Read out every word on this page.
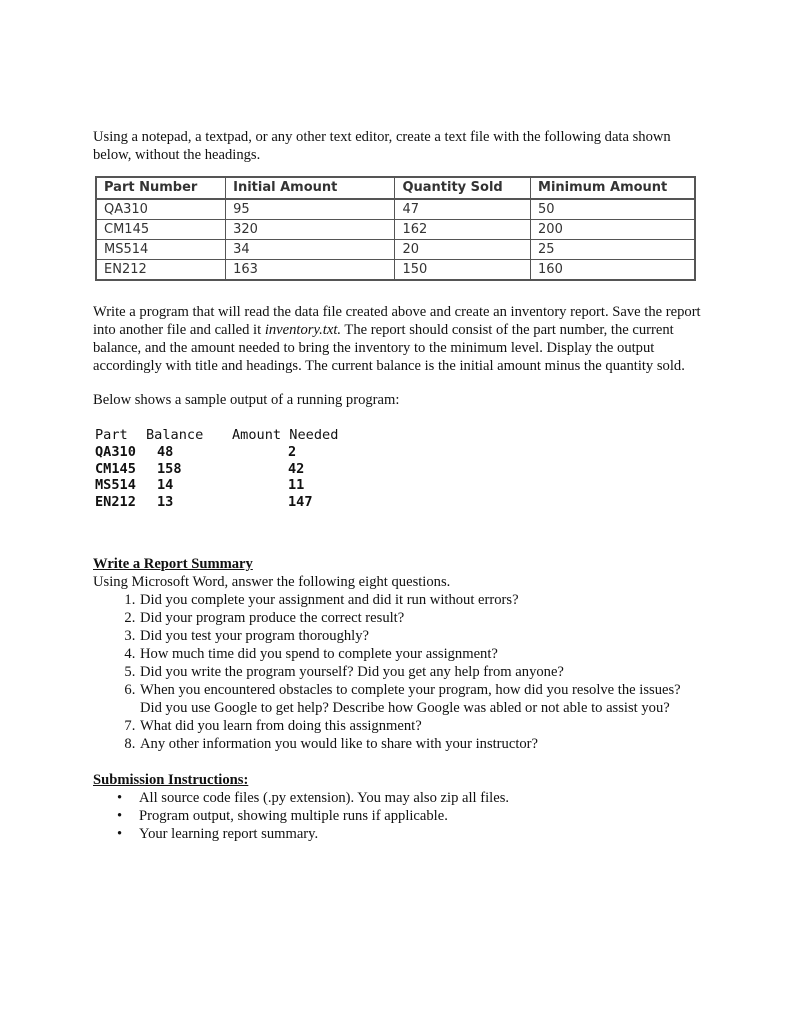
Using a notepad, a textpad, or any other text editor, create a text file with the following data shown below, without the headings.

Part Number	Initial Amount	Quantity Sold	Minimum Amount
QA310	95	47	50
CM145	320	162	200
MS514	34	20	25
EN212	163	150	160

Write a program that will read the data file created above and create an inventory report. Save the report into another file and called it inventory.txt. The report should consist of the part number, the current balance, and the amount needed to bring the inventory to the minimum level. Display the output accordingly with title and headings. The current balance is the initial amount minus the quantity sold.

Below shows a sample output of a running program:

Part	Balance	Amount Needed
QA310	48	2
CM145	158	42
MS514	14	11
EN212	13	147

Write a Report Summary

Using Microsoft Word, answer the following eight questions.

1. Did you complete your assignment and did it run without errors?
2. Did your program produce the correct result?
3. Did you test your program thoroughly?
4. How much time did you spend to complete your assignment?
5. Did you write the program yourself? Did you get any help from anyone?
6. When you encountered obstacles to complete your program, how did you resolve the issues? Did you use Google to get help? Describe how Google was abled or not able to assist you?
7. What did you learn from doing this assignment?
8. Any other information you would like to share with your instructor?

Submission Instructions:

• All source code files (.py extension). You may also zip all files.
• Program output, showing multiple runs if applicable.
• Your learning report summary.
